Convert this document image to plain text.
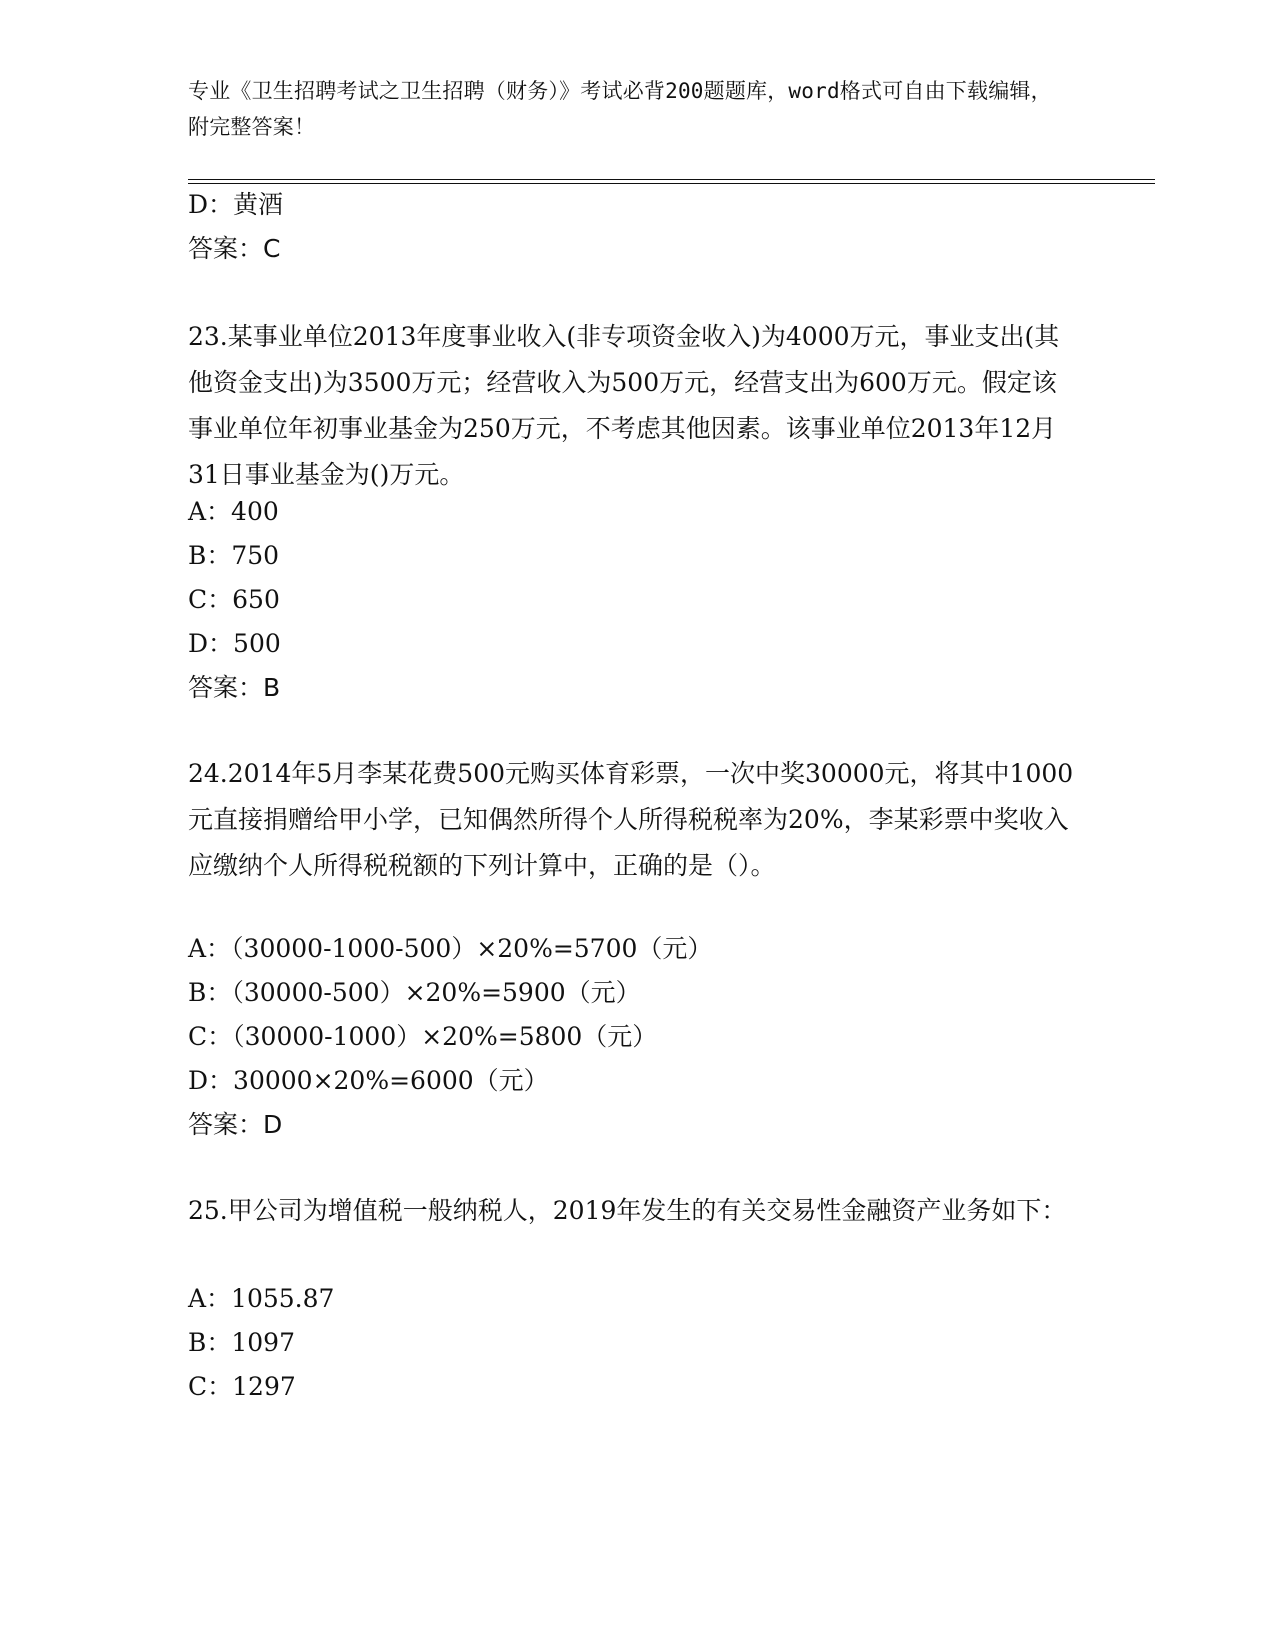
专业《卫生招聘考试之卫生招聘（财务）》考试必背200题题库，word格式可自由下载编辑，附完整答案！
D：黄酒
答案：C
23.某事业单位2013年度事业收入(非专项资金收入)为4000万元，事业支出(其他资金支出)为3500万元；经营收入为500万元，经营支出为600万元。假定该事业单位年初事业基金为250万元，不考虑其他因素。该事业单位2013年12月31日事业基金为()万元。
A：400
B：750
C：650
D：500
答案：B
24.2014年5月李某花费500元购买体育彩票，一次中奖30000元，将其中1000元直接捐赠给甲小学，已知偶然所得个人所得税税率为20%，李某彩票中奖收入应缴纳个人所得税税额的下列计算中，正确的是（）。
A：（30000-1000-500）×20%=5700（元）
B：（30000-500）×20%=5900（元）
C：（30000-1000）×20%=5800（元）
D：30000×20%=6000（元）
答案：D
25.甲公司为增值税一般纳税人，2019年发生的有关交易性金融资产业务如下：
A：1055.87
B：1097
C：1297
